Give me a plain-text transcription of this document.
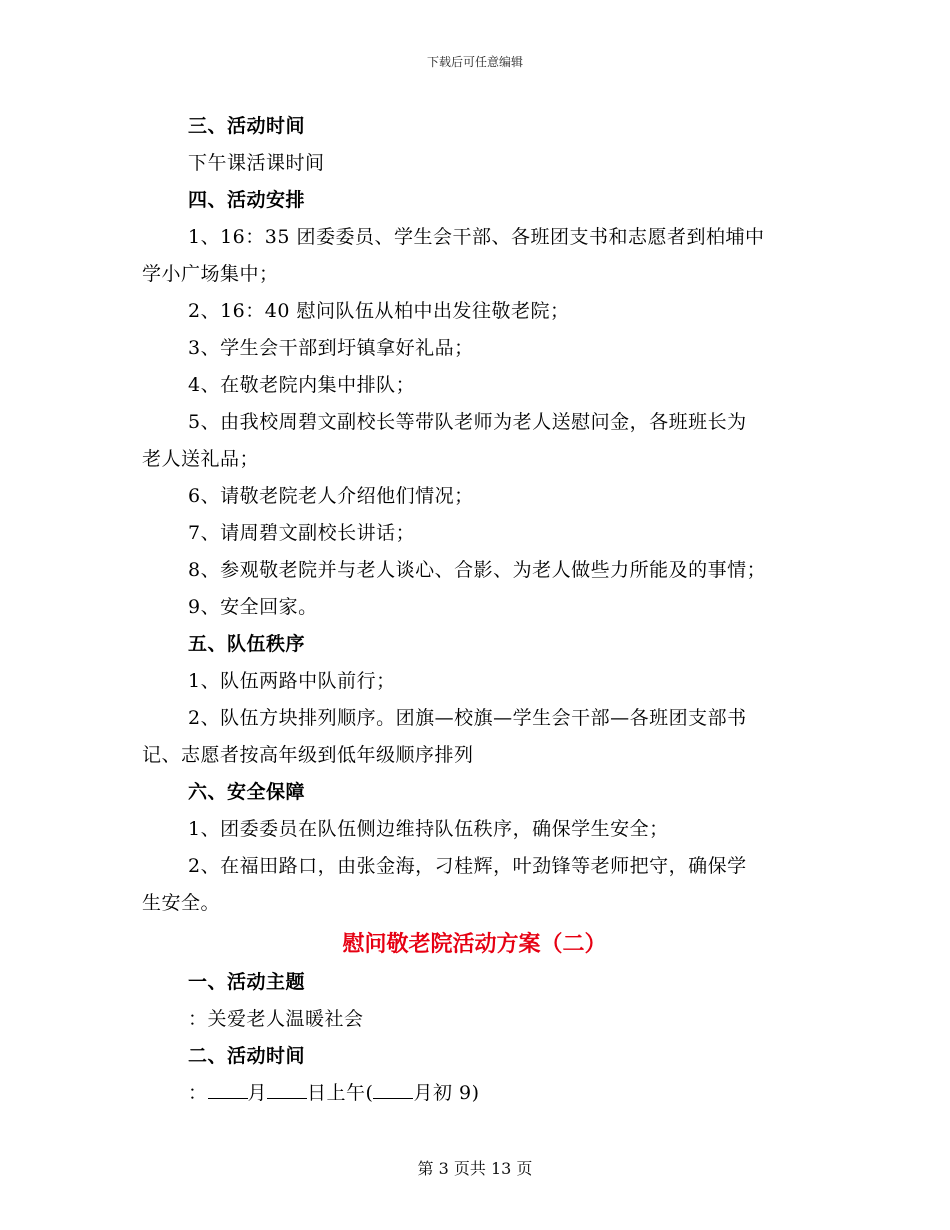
下载后可任意编辑
三、活动时间
下午课活课时间
四、活动安排
1、16：35 团委委员、学生会干部、各班团支书和志愿者到柏埔中
学小广场集中；
2、16：40 慰问队伍从柏中出发往敬老院；
3、学生会干部到圩镇拿好礼品；
4、在敬老院内集中排队；
5、由我校周碧文副校长等带队老师为老人送慰问金，各班班长为
老人送礼品；
6、请敬老院老人介绍他们情况；
7、请周碧文副校长讲话；
8、参观敬老院并与老人谈心、合影、为老人做些力所能及的事情；
9、安全回家。
五、队伍秩序
1、队伍两路中队前行；
2、队伍方块排列顺序。团旗—校旗—学生会干部—各班团支部书
记、志愿者按高年级到低年级顺序排列
六、安全保障
1、团委委员在队伍侧边维持队伍秩序，确保学生安全；
2、在福田路口，由张金海，刁桂辉，叶劲锋等老师把守，确保学
生安全。
慰问敬老院活动方案（二）
一、活动主题
：关爱老人温暖社会
二、活动时间
： 月 日上午( 月初 9)
第 3 页共 13 页
